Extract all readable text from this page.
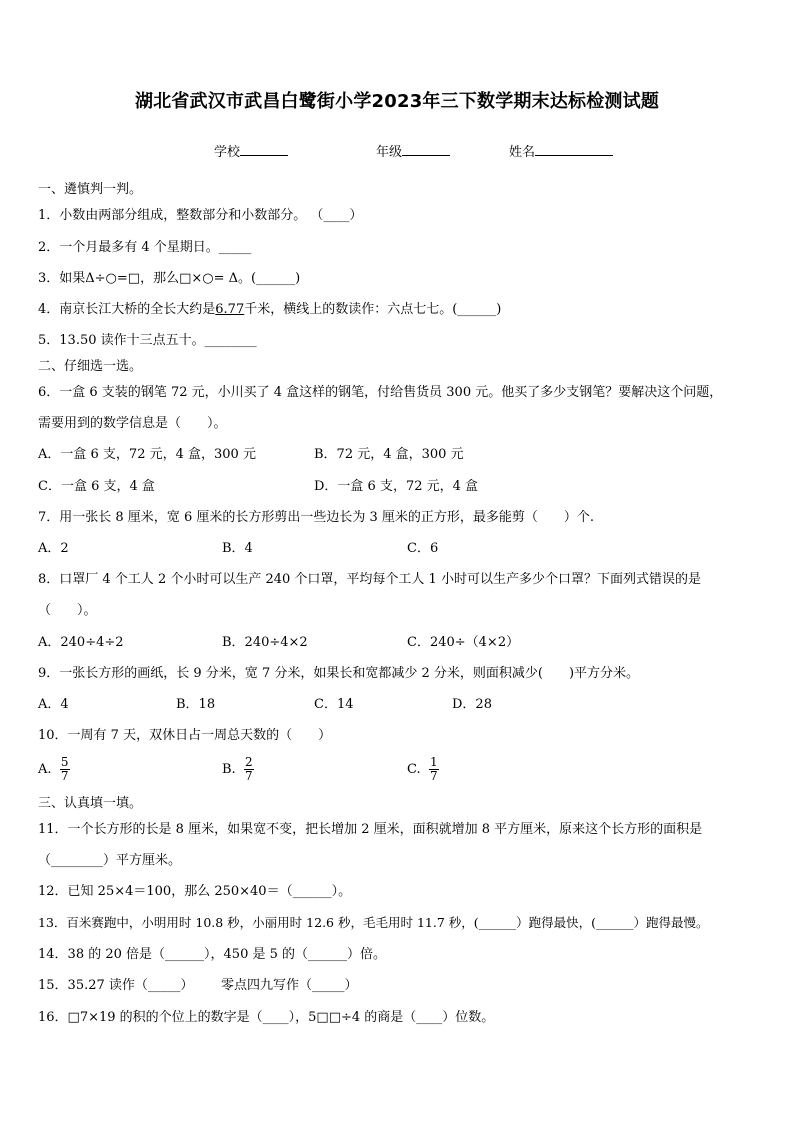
湖北省武汉市武昌白鹭街小学2023年三下数学期末达标检测试题
学校	年级	姓名
一、遴慎判一判。
1．小数由两部分组成，整数部分和小数部分。 （____）
2．一个月最多有 4 个星期日。_____
3．如果Δ÷○=□，那么□×○= Δ。(______)
4．南京长江大桥的全长大约是6.77千米，横线上的数读作：六点七七。(______)
5．13.50 读作十三点五十。________
二、仔细选一选。
6．一盒 6 支装的钢笔 72 元，小川买了 4 盒这样的钢笔，付给售货员 300 元。他买了多少支钢笔？要解决这个问题，
需要用到的数学信息是（　　）。
A．一盒 6 支，72 元，4 盒，300 元	B．72 元，4 盒，300 元
C．一盒 6 支，4 盒	D．一盒 6 支，72 元，4 盒
7．用一张长 8 厘米，宽 6 厘米的长方形剪出一些边长为 3 厘米的正方形，最多能剪（　　）个.
A．2	B．4	C．6
8．口罩厂 4 个工人 2 个小时可以生产 240 个口罩，平均每个工人 1 小时可以生产多少个口罩？下面列式错误的是
（　　）。
A．240÷4÷2	B．240÷4×2	C．240÷（4×2）
9．一张长方形的画纸，长 9 分米，宽 7 分米，如果长和宽都减少 2 分米，则面积减少(　　)平方分米。
A．4	B．18	C．14	D．28
10．一周有 7 天，双休日占一周总天数的（　　）
A. $\frac{5}{7}$	B. $\frac{2}{7}$	C. $\frac{1}{7}$
三、认真填一填。
11．一个长方形的长是 8 厘米，如果宽不变，把长增加 2 厘米，面积就增加 8 平方厘米，原来这个长方形的面积是
（________）平方厘米。
12．已知 25×4＝100，那么 250×40＝（______）。
13．百米赛跑中，小明用时 10.8 秒，小丽用时 12.6 秒，毛毛用时 11.7 秒，(______）跑得最快，(______）跑得最慢。
14．38 的 20 倍是（______），450 是 5 的（______）倍。
15．35.27 读作（_____） 零点四九写作（_____）
16．□7×19 的积的个位上的数字是（____），5□□÷4 的商是（____）位数。
